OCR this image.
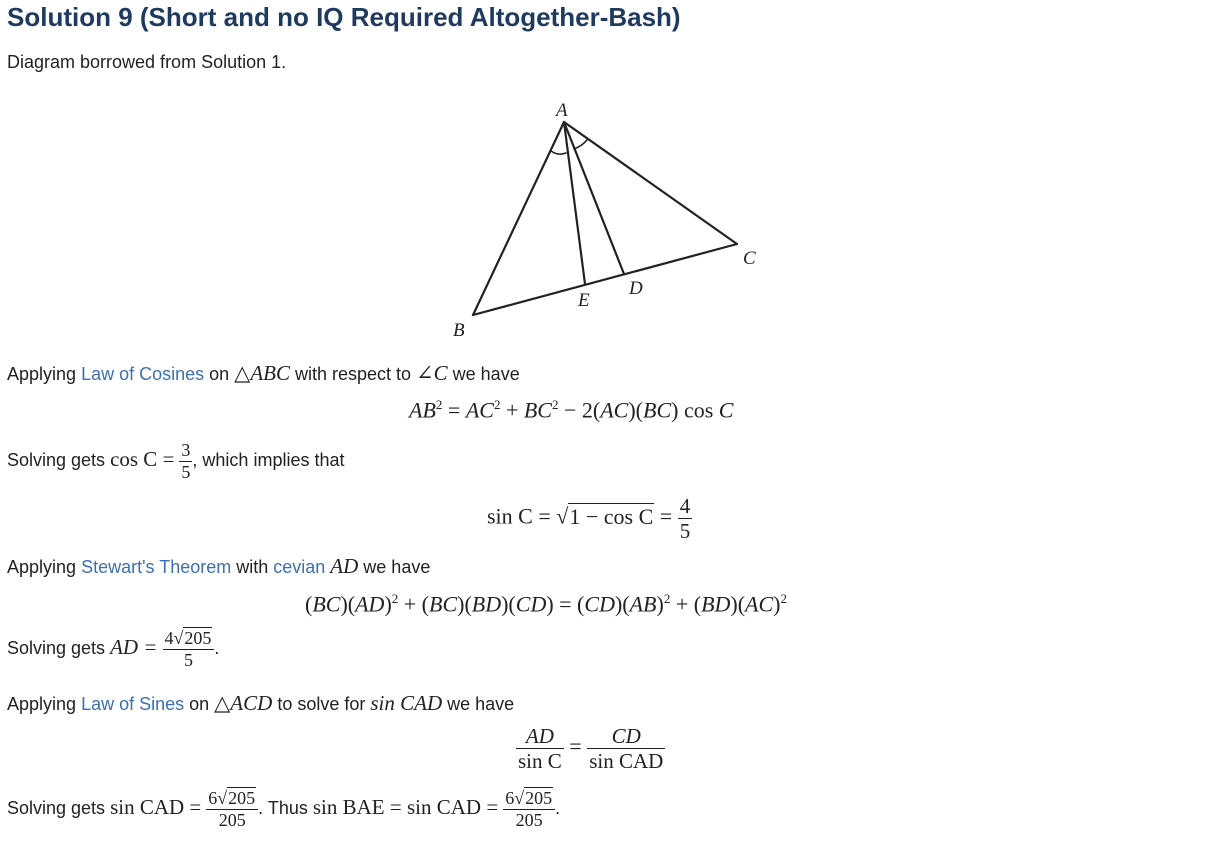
Solution 9 (Short and no IQ Required Altogether-Bash)
Diagram borrowed from Solution 1.
A
B
C
D
E
Applying Law of Cosines on △ABC with respect to ∠C we have
$AB^2 = AC^2 + BC^2 - 2(AC)(BC)$ cos C
Solving gets $\cos C = \frac{3}{5}$ , which implies that
$\sin C = √1 - \cos C = \frac{4}{5}$
Applying Stewart's Theorem with cevian AD we have
(BC)(AD)$^2$ + (BC)(BD)(CD) = (CD)(AB)$^2$ + (BD)(AC)$^2$
Solving gets AD = $\frac{4√205}{5}$ .
Applying Law of Sines on △ACD to solve for sin CAD we have
$\frac{AD}{\text{sin C}} = \frac{CD}{\text{sin CAD}}$
Solving gets sin CAD = $\frac{6√205}{205}$ . Thus sin BAE = sin CAD = $\frac{6√205}{205}$ .
